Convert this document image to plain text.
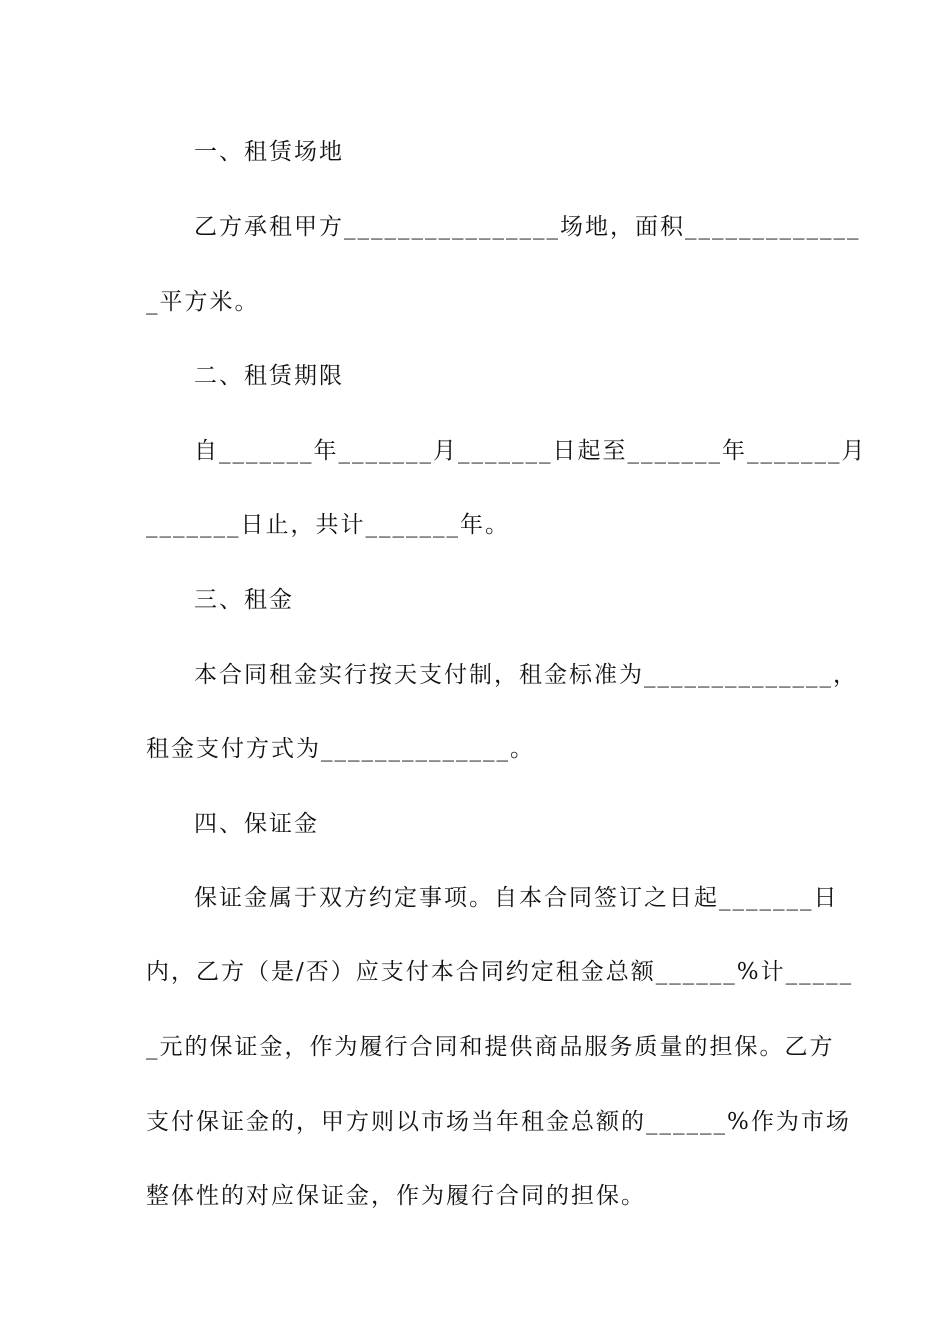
一、租赁场地
乙方承租甲方________________场地，面积_____________
_平方米。
二、租赁期限
自_______年_______月_______日起至_______年_______月
_______日止，共计_______年。
三、租金
本合同租金实行按天支付制，租金标准为______________，
租金支付方式为______________。
四、保证金
保证金属于双方约定事项。自本合同签订之日起_______日
内，乙方（是/否）应支付本合同约定租金总额______%计_____
_元的保证金，作为履行合同和提供商品服务质量的担保。乙方
支付保证金的，甲方则以市场当年租金总额的______%作为市场
整体性的对应保证金，作为履行合同的担保。
